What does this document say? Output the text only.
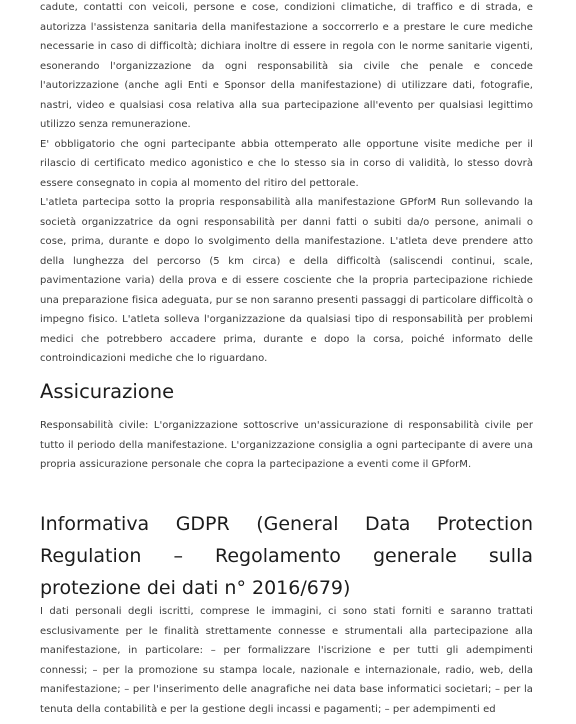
cadute, contatti con veicoli, persone e cose, condizioni climatiche, di traffico e di strada, e autorizza l'assistenza sanitaria della manifestazione a soccorrerlo e a prestare le cure mediche necessarie in caso di difficoltà; dichiara inoltre di essere in regola con le norme sanitarie vigenti, esonerando l'organizzazione da ogni responsabilità sia civile che penale e concede l'autorizzazione (anche agli Enti e Sponsor della manifestazione) di utilizzare dati, fotografie, nastri, video e qualsiasi cosa relativa alla sua partecipazione all'evento per qualsiasi legittimo utilizzo senza remunerazione.

E' obbligatorio che ogni partecipante abbia ottemperato alle opportune visite mediche per il rilascio di certificato medico agonistico e che lo stesso sia in corso di validità, lo stesso dovrà essere consegnato in copia al momento del ritiro del pettorale.

L'atleta partecipa sotto la propria responsabilità alla manifestazione GPforM Run sollevando la società organizzatrice da ogni responsabilità per danni fatti o subiti da/o persone, animali o cose, prima, durante e dopo lo svolgimento della manifestazione. L'atleta deve prendere atto della lunghezza del percorso (5 km circa) e della difficoltà (saliscendi continui, scale, pavimentazione varia) della prova e di essere cosciente che la propria partecipazione richiede una preparazione fisica adeguata, pur se non saranno presenti passaggi di particolare difficoltà o impegno fisico. L'atleta solleva l'organizzazione da qualsiasi tipo di responsabilità per problemi medici che potrebbero accadere prima, durante e dopo la corsa, poiché informato delle controindicazioni mediche che lo riguardano.

Assicurazione

Responsabilità civile: L'organizzazione sottoscrive un'assicurazione di responsabilità civile per tutto il periodo della manifestazione. L'organizzazione consiglia a ogni partecipante di avere una propria assicurazione personale che copra la partecipazione a eventi come il GPforM.

Informativa GDPR (General Data Protection Regulation – Regolamento generale sulla protezione dei dati n° 2016/679)

I dati personali degli iscritti, comprese le immagini, ci sono stati forniti e saranno trattati esclusivamente per le finalità strettamente connesse e strumentali alla partecipazione alla manifestazione, in particolare: – per formalizzare l'iscrizione e per tutti gli adempimenti connessi; – per la promozione su stampa locale, nazionale e internazionale, radio, web, della manifestazione; – per l'inserimento delle anagrafiche nei data base informatici societari; – per la tenuta della contabilità e per la gestione degli incassi e pagamenti; – per adempimenti ed
